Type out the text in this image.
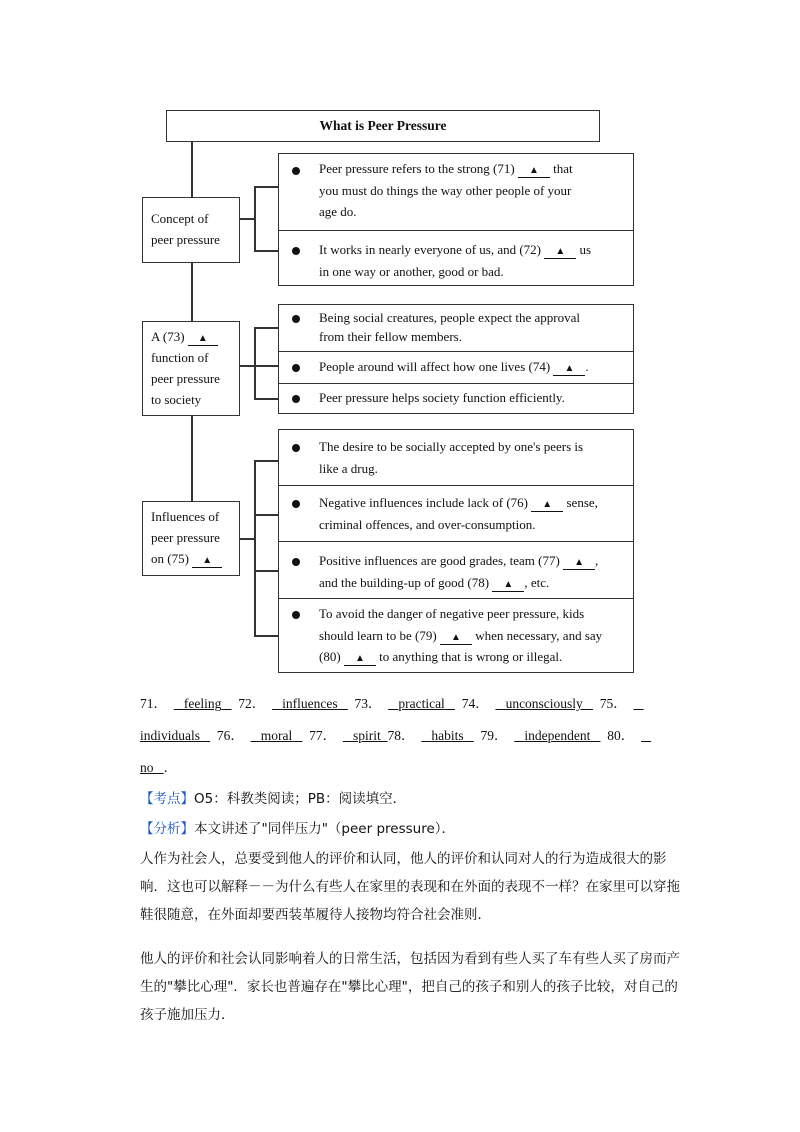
What is Peer Pressure
Concept of
peer pressure
Peer pressure refers to the strong (71) ▲ that
you must do things the way other people of your
age do.
It works in nearly everyone of us, and (72) ▲ us
in one way or another, good or bad.
A (73) ▲
function of
peer pressure
to society
Being social creatures, people expect the approval
from their fellow members.
People around will affect how one lives (74) ▲ .
Peer pressure helps society function efficiently.
Influences of
peer pressure
on (75) ▲
The desire to be socially accepted by one's peers is
like a drug.
Negative influences include lack of (76) ▲ sense,
criminal offences, and over-consumption.
Positive influences are good grades, team (77) ▲ ,
and the building-up of good (78) ▲ , etc.
To avoid the danger of negative peer pressure, kids
should learn to be (79) ▲ when necessary, and say
(80) ▲ to anything that is wrong or illegal.
71． feeling 72． influences 73． practical 74． unconsciously 75．
individuals 76． moral 77． spirit 78． habits 79． independent 80．
no ．
【考点】O5：科教类阅读；PB：阅读填空．
【分析】本文讲述了"同伴压力"（peer pressure）．
人作为社会人，总要受到他人的评价和认同，他人的评价和认同对人的行为造成很大的影响．这也可以解释－－为什么有些人在家里的表现和在外面的表现不一样？在家里可以穿拖鞋很随意，在外面却要西装革履待人接物均符合社会准则．
他人的评价和社会认同影响着人的日常生活，包括因为看到有些人买了车有些人买了房而产生的"攀比心理"．家长也普遍存在"攀比心理"，把自己的孩子和别人的孩子比较，对自己的孩子施加压力．
